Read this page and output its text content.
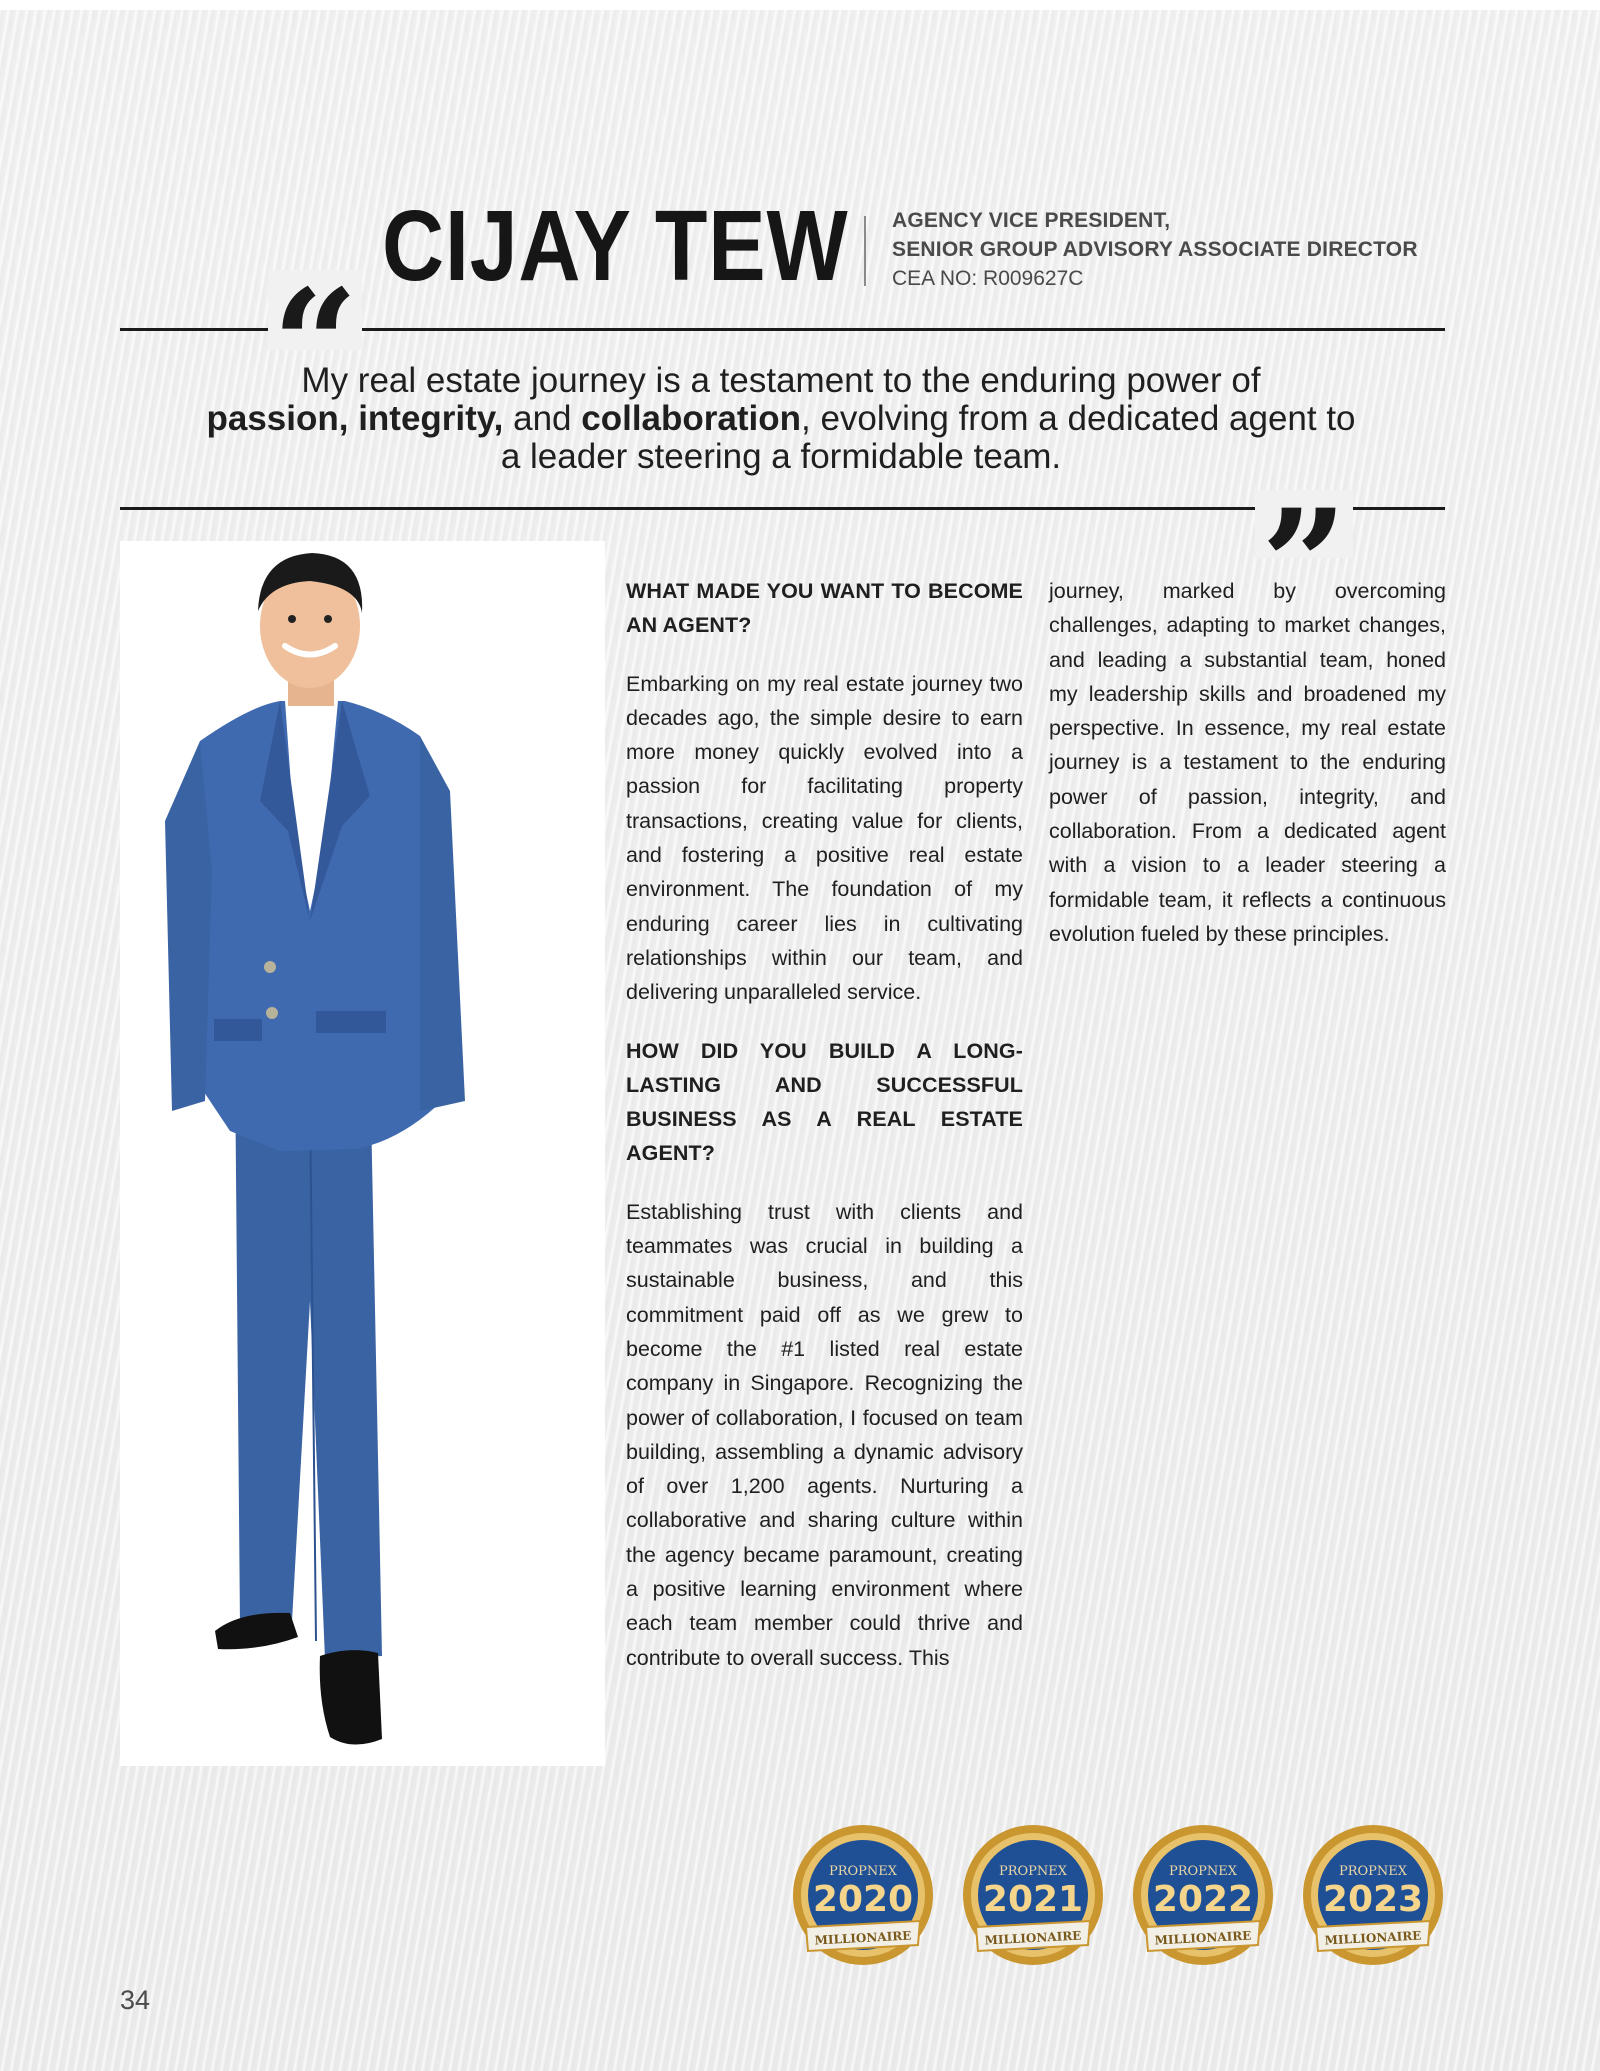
CIJAY TEW AGENCY VICE PRESIDENT,
SENIOR GROUP ADVISORY ASSOCIATE DIRECTOR
CEA NO: R009627C
“
My real estate journey is a testament to the enduring power of
passion, integrity, and collaboration, evolving from a dedicated agent to a leader steering a formidable team.
”

WHAT MADE YOU WANT TO BECOME AN AGENT?

Embarking on my real estate journey two decades ago, the simple desire to earn more money quickly evolved into a passion for facilitating property transactions, creating value for clients, and fostering a positive real estate environment. The foundation of my enduring career lies in cultivating relationships within our team, and delivering unparalleled service.

HOW DID YOU BUILD A LONG-LASTING AND SUCCESSFUL BUSINESS AS A REAL ESTATE AGENT?

Establishing trust with clients and teammates was crucial in building a sustainable business, and this commitment paid off as we grew to become the #1 listed real estate company in Singapore. Recognizing the power of collaboration, I focused on team building, assembling a dynamic advisory of over 1,200 agents. Nurturing a collaborative and sharing culture within the agency became paramount, creating a positive learning environment where each team member could thrive and contribute to overall success. This

journey, marked by overcoming challenges, adapting to market changes, and leading a substantial team, honed my leadership skills and broadened my perspective. In essence, my real estate journey is a testament to the enduring power of passion, integrity, and collaboration. From a dedicated agent with a vision to a leader steering a formidable team, it reflects a continuous evolution fueled by these principles.

PROPNEX
2020
MILLIONAIRE
PROPNEX
2021
MILLIONAIRE
PROPNEX
2022
MILLIONAIRE
PROPNEX
2023
MILLIONAIRE
34
